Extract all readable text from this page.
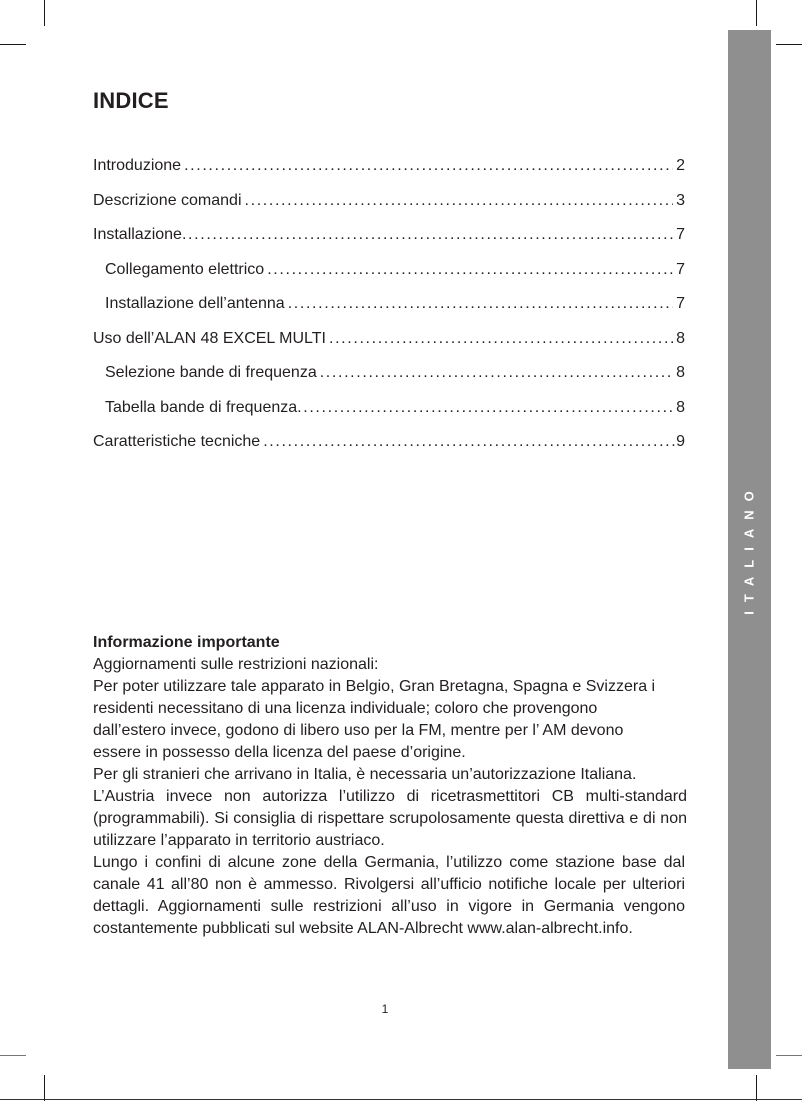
ITALIANO
INDICE
Introduzione . . .	2
Descrizione comandi . . .	3
Installazione . . .	7
Collegamento elettrico . . .	7
Installazione dell’antenna . . .	7
Uso dell’ALAN 48 EXCEL MULTI . . .	8
Selezione bande di frequenza . . .	8
Tabella bande di frequenza . . .	8
Caratteristiche tecniche . . .	9

Informazione importante

Aggiornamenti sulle restrizioni nazionali:

Per poter utilizzare tale apparato in Belgio, Gran Bretagna, Spagna e Svizzera i residenti necessitano di una licenza individuale; coloro che provengono dall’estero invece, godono di libero uso per la FM, mentre per l’ AM devono essere in possesso della licenza del paese d’origine.

Per gli stranieri che arrivano in Italia, è necessaria un’autorizzazione Italiana.

L’Austria invece non autorizza l’utilizzo di ricetrasmettitori CB multi-standard (programmabili). Si consiglia di rispettare scrupolosamente questa direttiva e di non utilizzare l’apparato in territorio austriaco.

Lungo i confini di alcune zone della Germania, l’utilizzo come stazione base dal canale 41 all’80 non è ammesso. Rivolgersi all’ufficio notifiche locale per ulteriori dettagli. Aggiornamenti sulle restrizioni all’uso in vigore in Germania vengono costantemente pubblicati sul website ALAN-Albrecht www.alan-albrecht.info.

1
